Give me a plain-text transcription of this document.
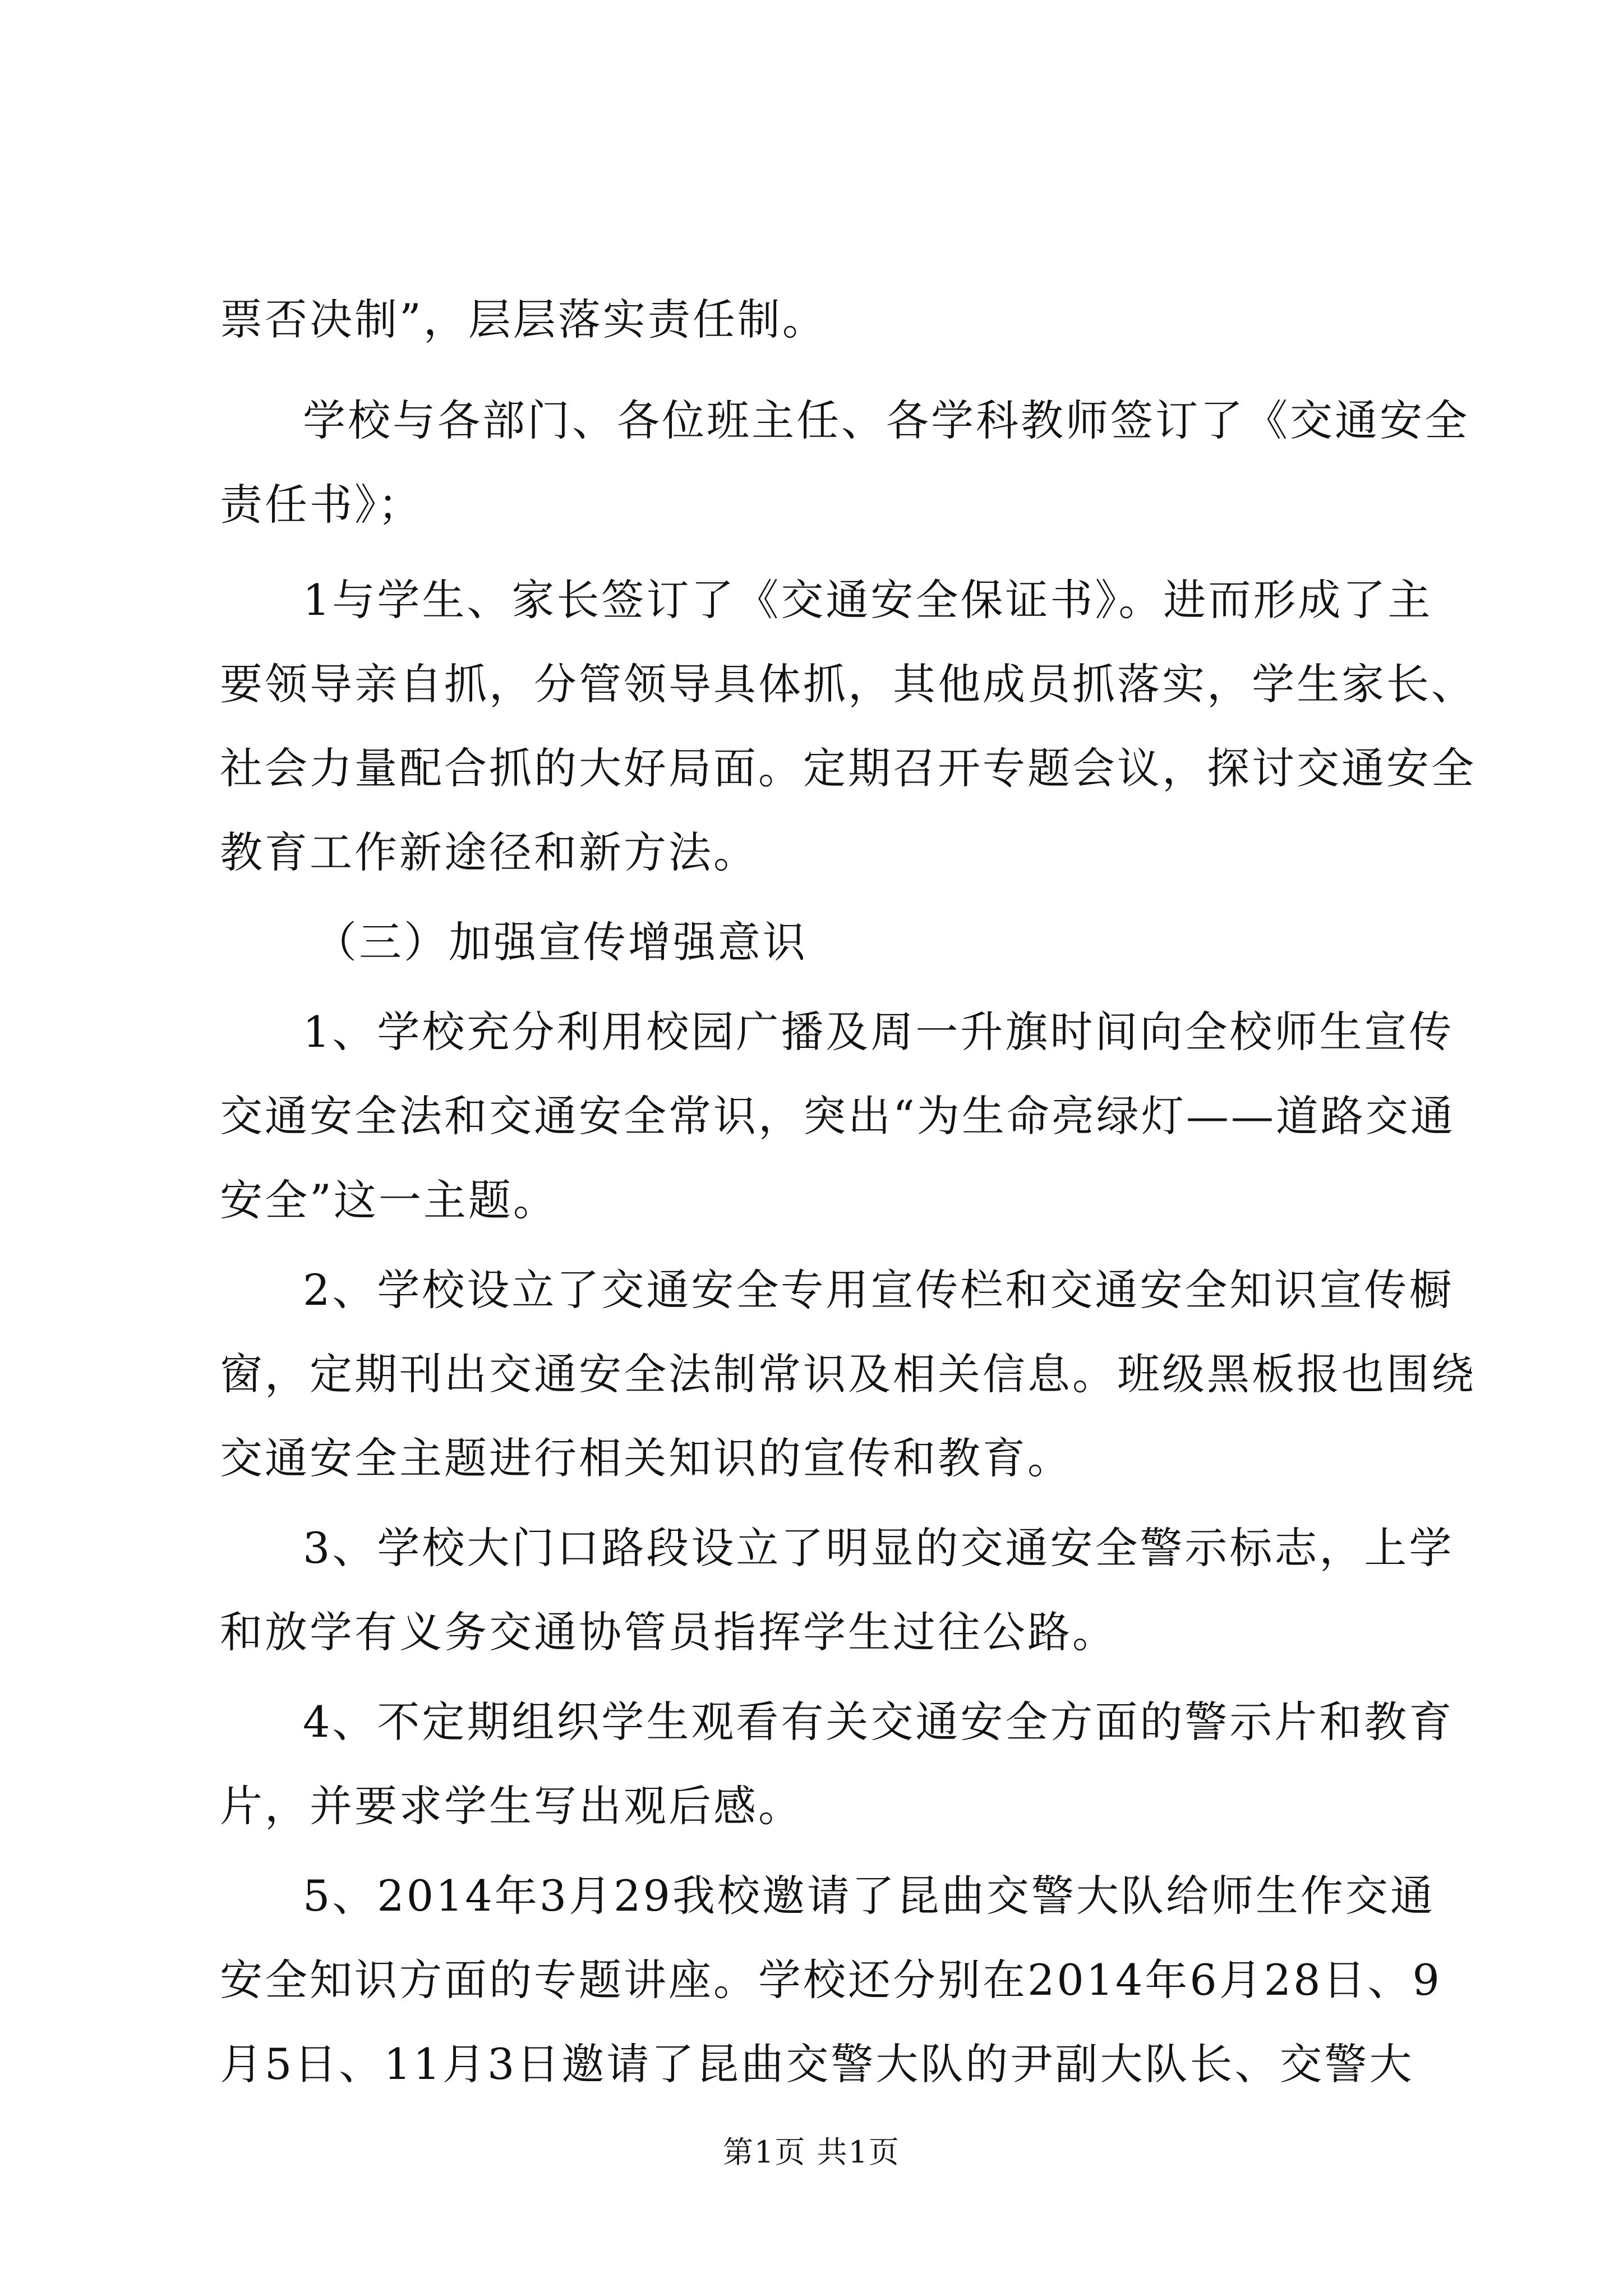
票否决制”，层层落实责任制。
学校与各部门、各位班主任、各学科教师签订了《交通安全
责任书》；
1与学生、家长签订了《交通安全保证书》。进而形成了主
要领导亲自抓，分管领导具体抓，其他成员抓落实，学生家长、
社会力量配合抓的大好局面。定期召开专题会议，探讨交通安全
教育工作新途径和新方法。
（三）加强宣传增强意识
1、学校充分利用校园广播及周一升旗时间向全校师生宣传
交通安全法和交通安全常识，突出“为生命亮绿灯——道路交通
安全”这一主题。
2、学校设立了交通安全专用宣传栏和交通安全知识宣传橱
窗，定期刊出交通安全法制常识及相关信息。班级黑板报也围绕
交通安全主题进行相关知识的宣传和教育。
3、学校大门口路段设立了明显的交通安全警示标志，上学
和放学有义务交通协管员指挥学生过往公路。
4、不定期组织学生观看有关交通安全方面的警示片和教育
片，并要求学生写出观后感。
5、2014年3月29我校邀请了昆曲交警大队给师生作交通
安全知识方面的专题讲座。学校还分别在2014年6月28日、9
月5日、11月3日邀请了昆曲交警大队的尹副大队长、交警大
第1页 共1页
